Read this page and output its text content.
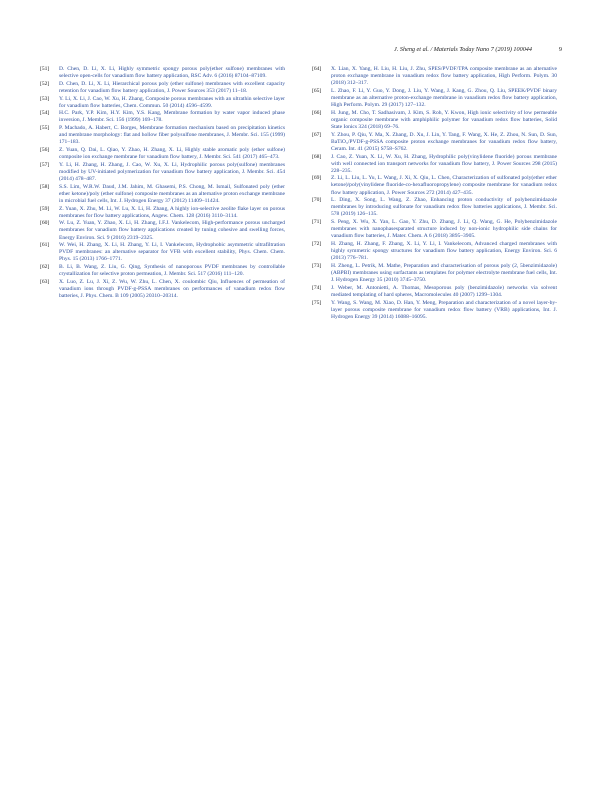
J. Sheng et al. / Materials Today Nano 7 (2019) 100044	9
[51] D. Chen, D. Li, X. Li, Highly symmetric spongy porous poly(ether sulfone) membranes with selective open-cells for vanadium flow battery application, RSC Adv. 6 (2016) 87104–87109.
[52] D. Chen, D. Li, X. Li, Hierarchical porous poly (ether sulfone) membranes with excellent capacity retention for vanadium flow battery application, J. Power Sources 353 (2017) 11–18.
[53] Y. Li, X. Li, J. Cao, W. Xu, H. Zhang, Composite porous membranes with an ultrathin selective layer for vanadium flow batteries, Chem. Commun. 50 (2014) 4596–4599.
[54] H.C. Park, Y.P. Kim, H.Y. Kim, Y.S. Kang, Membrane formation by water vapor induced phase inversion, J. Membr. Sci. 156 (1999) 169–178.
[55] P. Machado, A. Habert, C. Borges, Membrane formation mechanism based on precipitation kinetics and membrane morphology: flat and hollow fiber polysulfone membranes, J. Membr. Sci. 155 (1999) 171–183.
[56] Z. Yuan, Q. Dai, L. Qiao, Y. Zhao, H. Zhang, X. Li, Highly stable aromatic poly (ether sulfone) composite ion exchange membrane for vanadium flow battery, J. Membr. Sci. 541 (2017) 465–473.
[57] Y. Li, H. Zhang, H. Zhang, J. Cao, W. Xu, X. Li, Hydrophilic porous poly(sulfone) membranes modified by UV-initiated polymerization for vanadium flow battery application, J. Membr. Sci. 454 (2014) 478–487.
[58] S.S. Lim, W.R.W. Daud, J.M. Jahim, M. Ghasemi, P.S. Chong, M. Ismail, Sulfonated poly (ether ether ketone)/poly (ether sulfone) composite membranes as an alternative proton exchange membrane in microbial fuel cells, Int. J. Hydrogen Energy 37 (2012) 11409–11424.
[59] Z. Yuan, X. Zhu, M. Li, W. Lu, X. Li, H. Zhang, A highly ion-selective zeolite flake layer on porous membranes for flow battery applications, Angew. Chem. 128 (2016) 3110–3114.
[60] W. Lu, Z. Yuan, Y. Zhao, X. Li, H. Zhang, I.F.J. Vankelecom, High-performance porous uncharged membranes for vanadium flow battery applications created by tuning cohesive and swelling forces, Energy Environ. Sci. 9 (2016) 2319–2325.
[61] W. Wei, H. Zhang, X. Li, H. Zhang, Y. Li, I. Vankelecom, Hydrophobic asymmetric ultrafiltration PVDF membranes: an alternative separator for VFB with excellent stability, Phys. Chem. Chem. Phys. 15 (2013) 1766–1771.
[62] B. Li, B. Wang, Z. Liu, G. Qing, Synthesis of nanoporous PVDF membranes by controllable crystallization for selective proton permeation, J. Membr. Sci. 517 (2016) 111–120.
[63] X. Luo, Z. Lu, J. Xi, Z. Wu, W. Zhu, L. Chen, X. coulombic Qiu, Influences of permeation of vanadium ions through PVDF-g-PSSA membranes on performances of vanadium redox flow batteries, J. Phys. Chem. B 109 (2005) 20310–20314.
[64] X. Lian, X. Yang, H. Liu, H. Liu, J. Zhu, SPES/PVDF/TPA composite membrane as an alternative proton exchange membrane in vanadium redox flow battery application, High Perform. Polym. 30 (2018) 312–317.
[65] L. Zhao, F. Li, Y. Guo, Y. Dong, J. Liu, Y. Wang, J. Kang, G. Zhou, Q. Liu, SPEEK/PVDF binary membrane as an alternative proton-exchange membrane in vanadium redox flow battery application, High Perform. Polym. 29 (2017) 127–132.
[66] H. Jung, M. Cho, T. Sadhasivam, J. Kim, S. Roh, Y. Kwon, High ionic selectivity of low permeable organic composite membrane with amphiphilic polymer for vanadium redox flow batteries, Solid State Ionics 324 (2018) 69–76.
[67] Y. Zhou, P. Qiu, Y. Ma, X. Zhang, D. Xu, J. Lin, Y. Tang, F. Wang, X. He, Z. Zhou, N. Sun, D. Sun, BaTiO₃/PVDF-g-PSSA composite proton exchange membranes for vanadium redox flow battery, Ceram. Int. 41 (2015) S758–S762.
[68] J. Cao, Z. Yuan, X. Li, W. Xu, H. Zhang, Hydrophilic poly(vinylidene fluoride) porous membrane with well connected ion transport networks for vanadium flow battery, J. Power Sources 298 (2015) 228–235.
[69] Z. Li, L. Liu, L. Yu, L. Wang, J. Xi, X. Qiu, L. Chen, Characterization of sulfonated poly(ether ether ketone)/poly(vinylidene fluoride-co-hexafluoropropylene) composite membrane for vanadium redox flow battery application, J. Power Sources 272 (2014) 427–435.
[70] L. Ding, X. Song, L. Wang, Z. Zhao, Enhancing proton conductivity of polybenzimidazole membranes by introducing sulfonate for vanadium redox flow batteries applications, J. Membr. Sci. 578 (2019) 126–135.
[71] S. Peng, X. Wu, X. Yan, L. Gao, Y. Zhu, D. Zhang, J. Li, Q. Wang, G. He, Polybenzimidazole membranes with nanophasesparated structure induced by non-ionic hydrophilic side chains for vanadium flow batteries, J. Mater. Chem. A 6 (2018) 3895–3905.
[72] H. Zhang, H. Zhang, F. Zhang, X. Li, Y. Li, I. Vankelecom, Advanced charged membranes with highly symmetric spongy structures for vanadium flow battery application, Energy Environ. Sci. 6 (2013) 776–781.
[73] H. Zheng, L. Petrik, M. Mathe, Preparation and characterisation of porous poly (2, 5benzimidazole)(ABPBI) membranes using surfactants as templates for polymer electrolyte membrane fuel cells, Int. J. Hydrogen Energy 35 (2010) 3745–3750.
[74] J. Weber, M. Antonietti, A. Thomas, Mesoporous poly (benzimidazole) networks via solvent mediated templating of hard spheres, Macromolecules 40 (2007) 1299–1304.
[75] Y. Wang, S. Wang, M. Xiao, D. Han, Y. Meng, Preparation and characterization of a novel layer-by-layer porous composite membrane for vanadium redox flow battery (VRB) applications, Int. J. Hydrogen Energy 39 (2014) 16088–16095.
